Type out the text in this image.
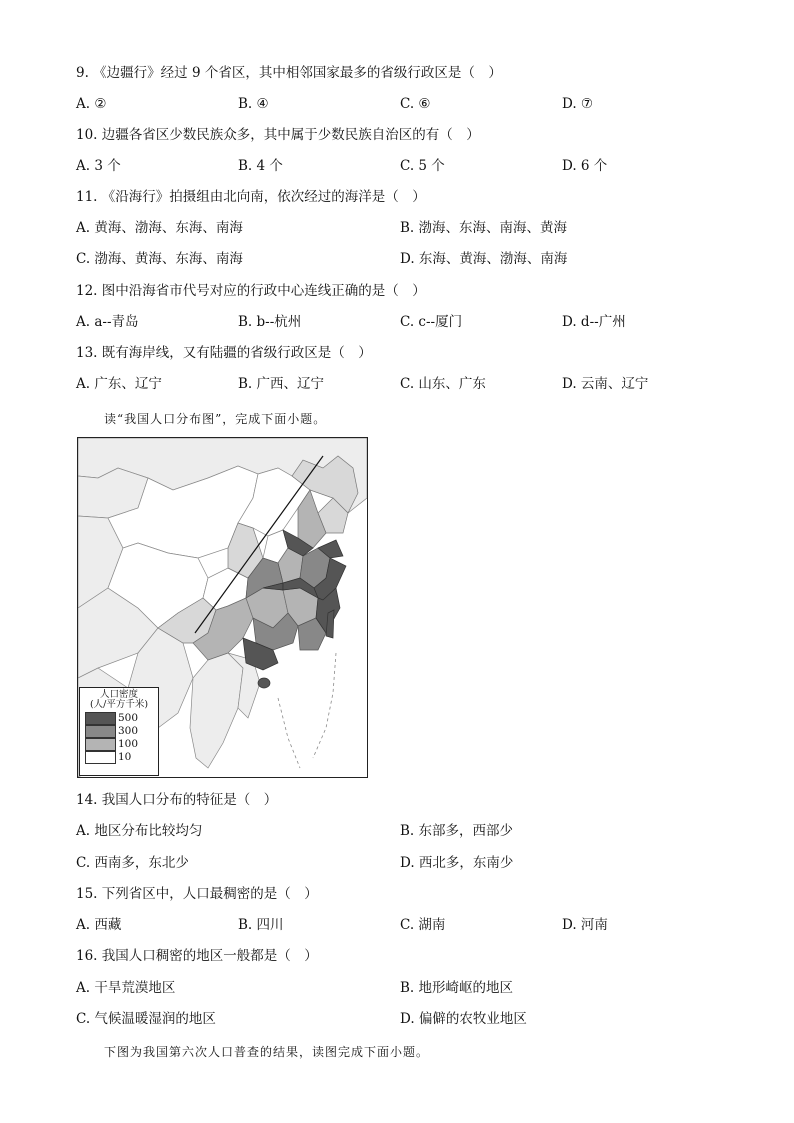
9. 《边疆行》经过 9 个省区，其中相邻国家最多的省级行政区是（　）
A. ②	B. ④	C. ⑥	D. ⑦
10. 边疆各省区少数民族众多，其中属于少数民族自治区的有（　）
A. 3 个	B. 4 个	C. 5 个	D. 6 个
11. 《沿海行》拍摄组由北向南，依次经过的海洋是（　）
A. 黄海、渤海、东海、南海	B. 渤海、东海、南海、黄海
C. 渤海、黄海、东海、南海	D. 东海、黄海、渤海、南海
12. 图中沿海省市代号对应的行政中心连线正确的是（　）
A. a--青岛	B. b--杭州	C. c--厦门	D. d--广州
13. 既有海岸线，又有陆疆的省级行政区是（　）
A. 广东、辽宁	B. 广西、辽宁	C. 山东、广东	D. 云南、辽宁
读“我国人口分布图”，完成下面小题。
人口密度
(人/平方千米)
500
300
100
10
14. 我国人口分布的特征是（　）
A. 地区分布比较均匀	B. 东部多，西部少
C. 西南多，东北少	D. 西北多，东南少
15. 下列省区中，人口最稠密的是（　）
A. 西藏	B. 四川	C. 湖南	D. 河南
16. 我国人口稠密的地区一般都是（　）
A. 干旱荒漠地区	B. 地形崎岖的地区
C. 气候温暖湿润的地区	D. 偏僻的农牧业地区
下图为我国第六次人口普查的结果，读图完成下面小题。
